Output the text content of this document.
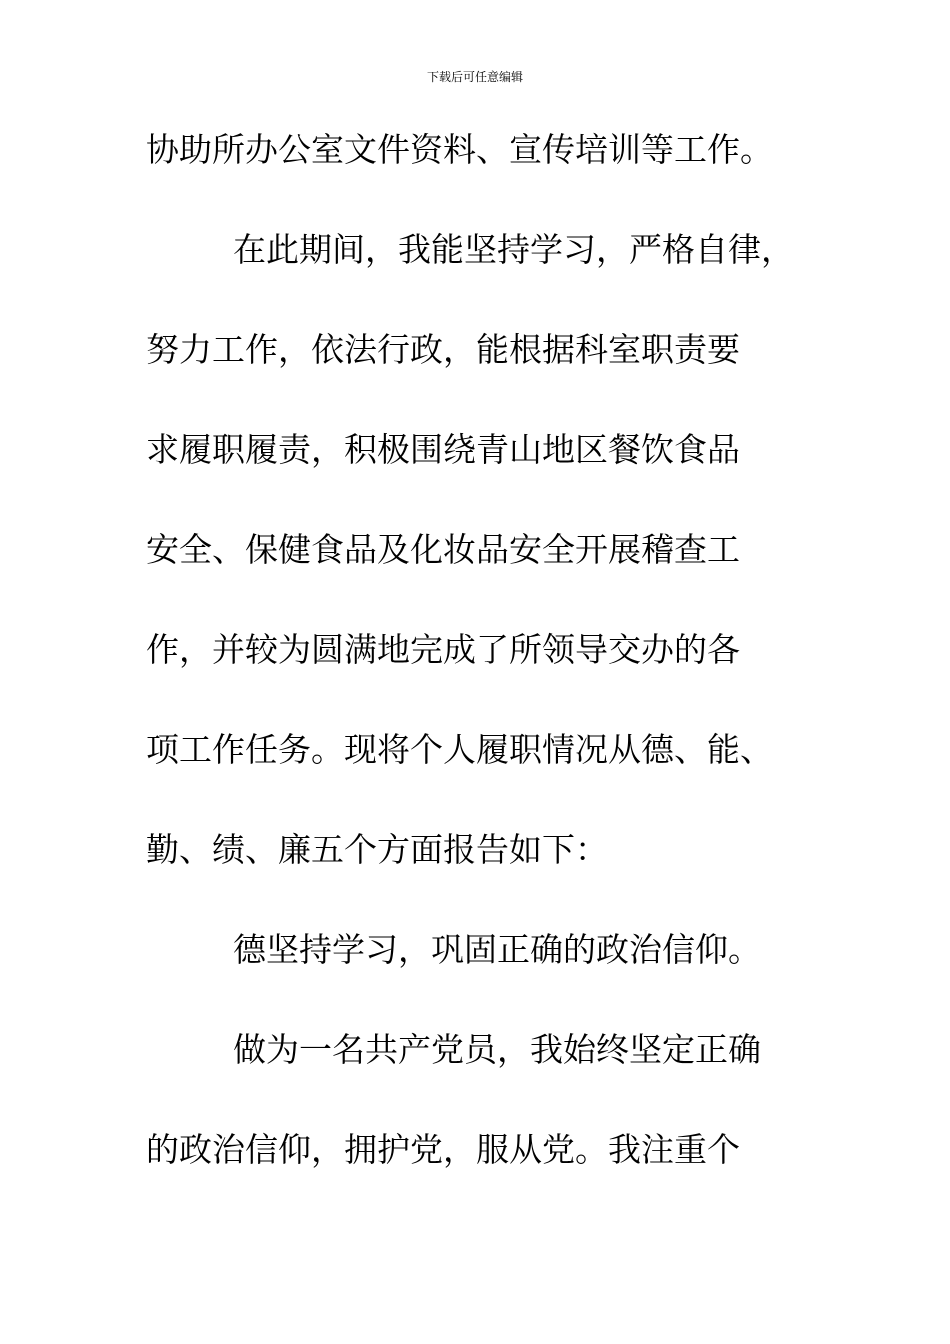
下载后可任意编辑
协助所办公室文件资料、宣传培训等工作。
在此期间，我能坚持学习，严格自律，
努力工作，依法行政，能根据科室职责要
求履职履责，积极围绕青山地区餐饮食品
安全、保健食品及化妆品安全开展稽查工
作，并较为圆满地完成了所领导交办的各
项工作任务。现将个人履职情况从德、能、
勤、绩、廉五个方面报告如下：
德坚持学习，巩固正确的政治信仰。
做为一名共产党员，我始终坚定正确
的政治信仰，拥护党，服从党。我注重个
